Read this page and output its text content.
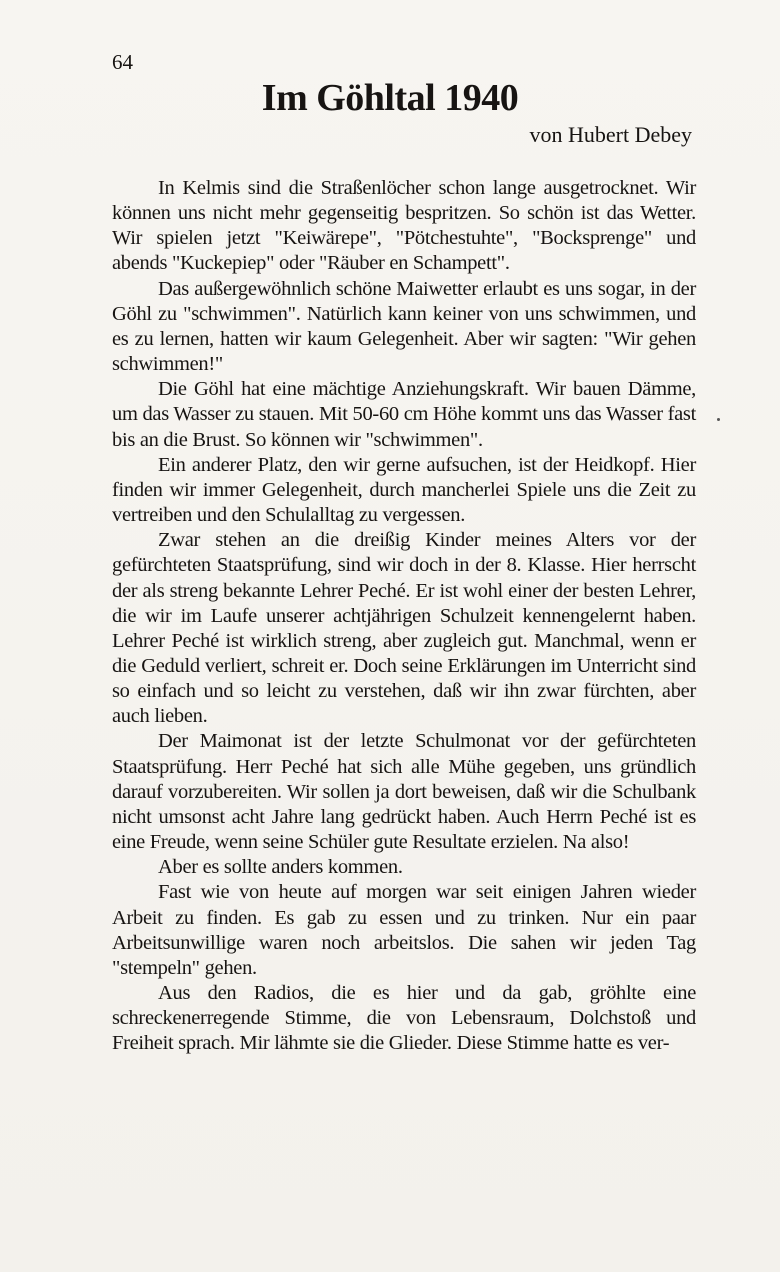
64
Im Göhltal 1940
von Hubert Debey

In Kelmis sind die Straßenlöcher schon lange ausgetrocknet. Wir können uns nicht mehr gegenseitig bespritzen. So schön ist das Wetter. Wir spielen jetzt "Keiwärepe", "Pötchestuhte", "Bocksprenge" und abends "Kuckepiep" oder "Räuber en Schampett".

Das außergewöhnlich schöne Maiwetter erlaubt es uns sogar, in der Göhl zu "schwimmen". Natürlich kann keiner von uns schwimmen, und es zu lernen, hatten wir kaum Gelegenheit. Aber wir sagten: "Wir gehen schwimmen!"

Die Göhl hat eine mächtige Anziehungskraft. Wir bauen Dämme, um das Wasser zu stauen. Mit 50-60 cm Höhe kommt uns das Wasser fast bis an die Brust. So können wir "schwimmen".

Ein anderer Platz, den wir gerne aufsuchen, ist der Heidkopf. Hier finden wir immer Gelegenheit, durch mancherlei Spiele uns die Zeit zu vertreiben und den Schulalltag zu vergessen.

Zwar stehen an die dreißig Kinder meines Alters vor der gefürchteten Staatsprüfung, sind wir doch in der 8. Klasse. Hier herrscht der als streng bekannte Lehrer Peché. Er ist wohl einer der besten Lehrer, die wir im Laufe unserer achtjährigen Schulzeit kennengelernt haben. Lehrer Peché ist wirklich streng, aber zugleich gut. Manchmal, wenn er die Geduld verliert, schreit er. Doch seine Erklärungen im Unterricht sind so einfach und so leicht zu verstehen, daß wir ihn zwar fürchten, aber auch lieben.

Der Maimonat ist der letzte Schulmonat vor der gefürchteten Staatsprüfung. Herr Peché hat sich alle Mühe gegeben, uns gründlich darauf vorzubereiten. Wir sollen ja dort beweisen, daß wir die Schulbank nicht umsonst acht Jahre lang gedrückt haben. Auch Herrn Peché ist es eine Freude, wenn seine Schüler gute Resultate erzielen. Na also!

Aber es sollte anders kommen.

Fast wie von heute auf morgen war seit einigen Jahren wieder Arbeit zu finden. Es gab zu essen und zu trinken. Nur ein paar Arbeitsunwillige waren noch arbeitslos. Die sahen wir jeden Tag "stempeln" gehen.

Aus den Radios, die es hier und da gab, gröhlte eine schreckenerregende Stimme, die von Lebensraum, Dolchstoß und Freiheit sprach. Mir lähmte sie die Glieder. Diese Stimme hatte es ver-
